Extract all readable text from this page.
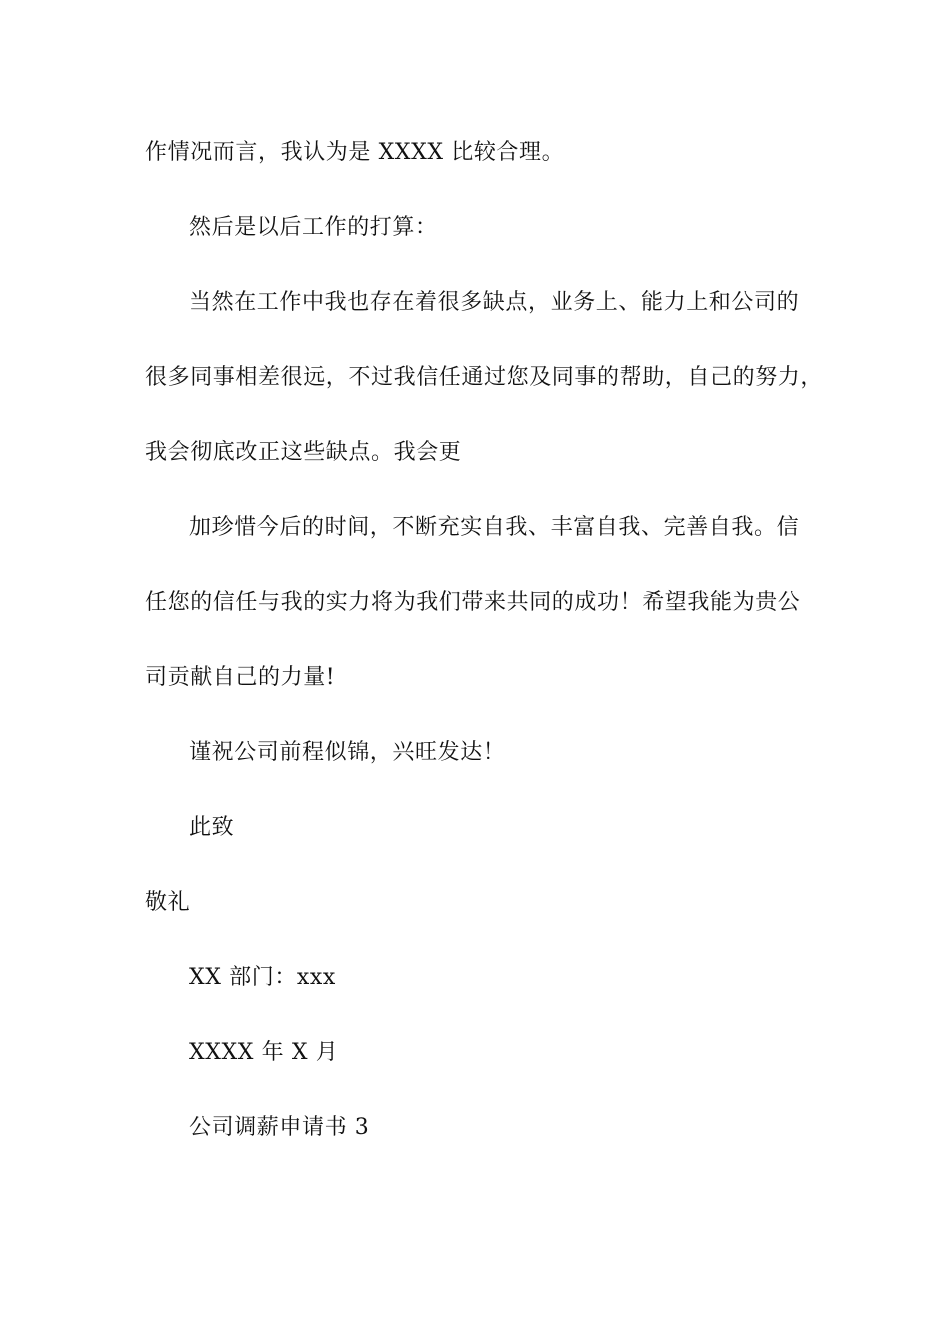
作情况而言，我认为是 XXXX 比较合理。
然后是以后工作的打算：
当然在工作中我也存在着很多缺点，业务上、能力上和公司的
很多同事相差很远，不过我信任通过您及同事的帮助，自己的努力，
我会彻底改正这些缺点。我会更
加珍惜今后的时间，不断充实自我、丰富自我、完善自我。信
任您的信任与我的实力将为我们带来共同的成功！希望我能为贵公
司贡献自己的力量!
谨祝公司前程似锦，兴旺发达！
此致
敬礼
XX 部门：xxx
XXXX 年 X 月
公司调薪申请书 3
